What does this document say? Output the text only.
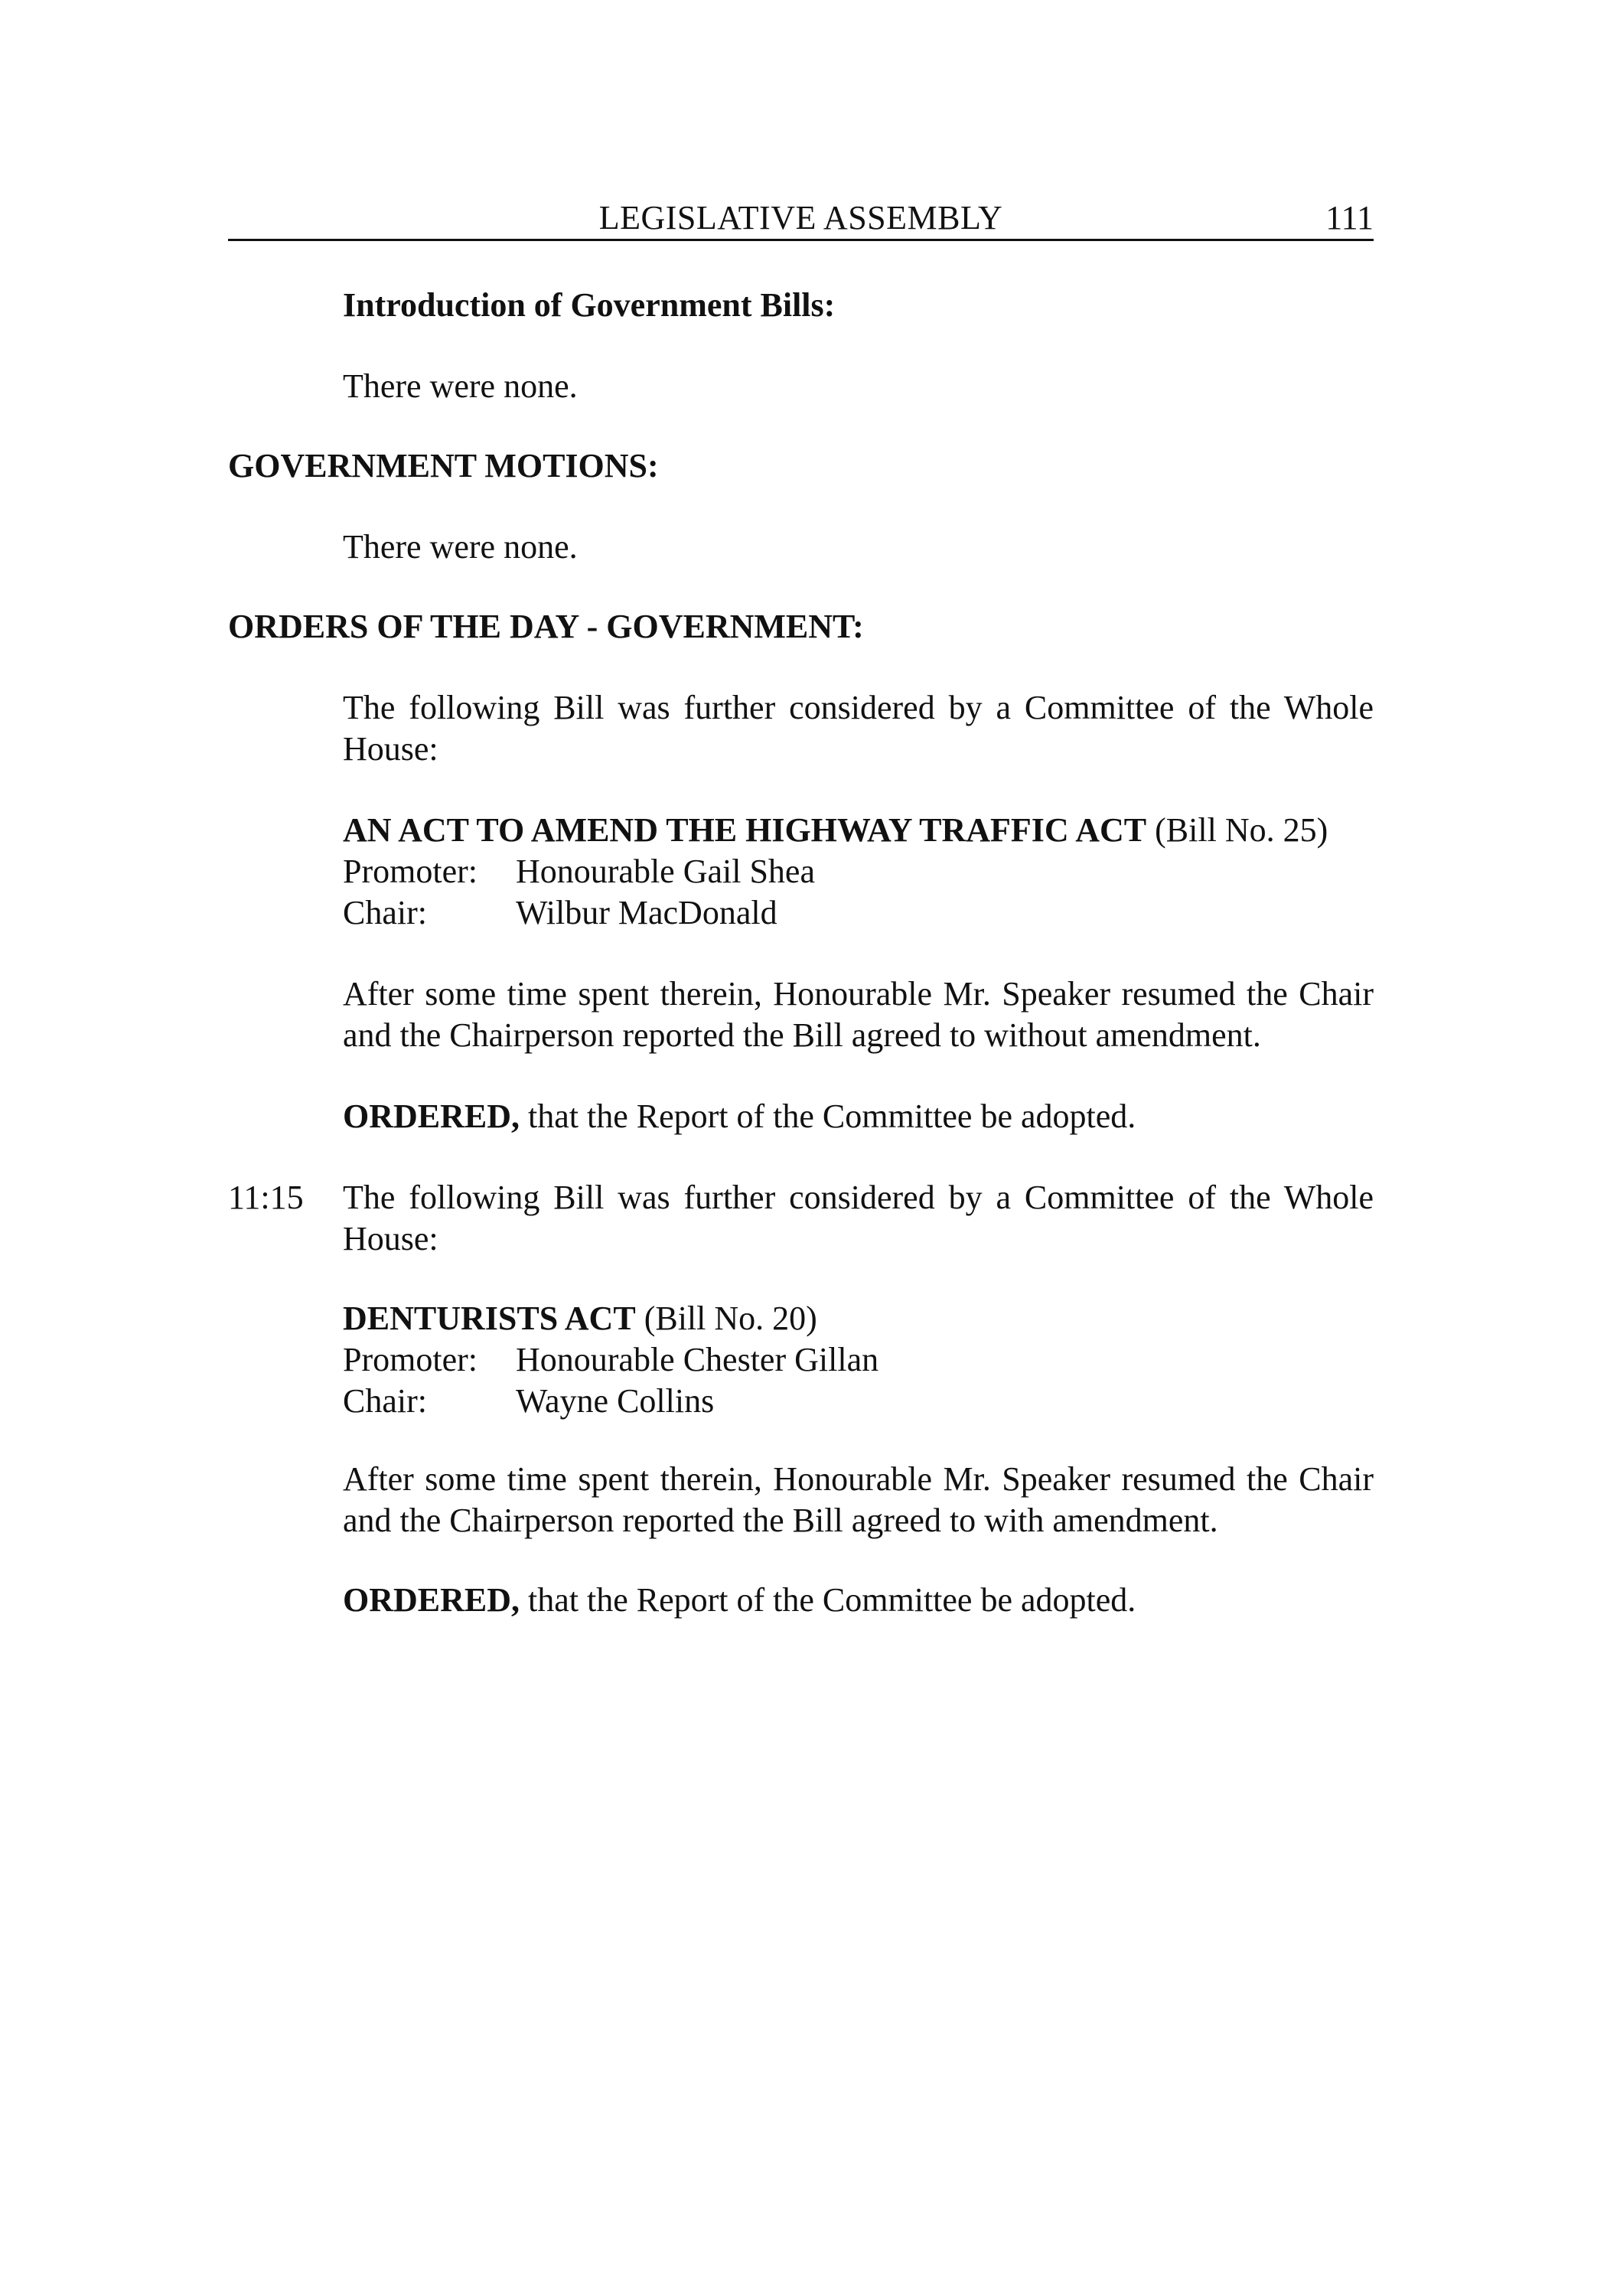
LEGISLATIVE ASSEMBLY	111
Introduction of Government Bills:
There were none.
GOVERNMENT MOTIONS:
There were none.
ORDERS OF THE DAY - GOVERNMENT:
The following Bill was further considered by a Committee of the Whole
House:
AN ACT TO AMEND THE HIGHWAY TRAFFIC ACT (Bill No. 25)
Promoter: Honourable Gail Shea
Chair:	Wilbur MacDonald
After some time spent therein, Honourable Mr. Speaker resumed the Chair
and the Chairperson reported the Bill agreed to without amendment.
ORDERED, that the Report of the Committee be adopted.
11:15 The following Bill was further considered by a Committee of the Whole
House:
DENTURISTS ACT (Bill No. 20)
Promoter: Honourable Chester Gillan
Chair:	Wayne Collins
After some time spent therein, Honourable Mr. Speaker resumed the Chair
and the Chairperson reported the Bill agreed to with amendment.
ORDERED, that the Report of the Committee be adopted.
